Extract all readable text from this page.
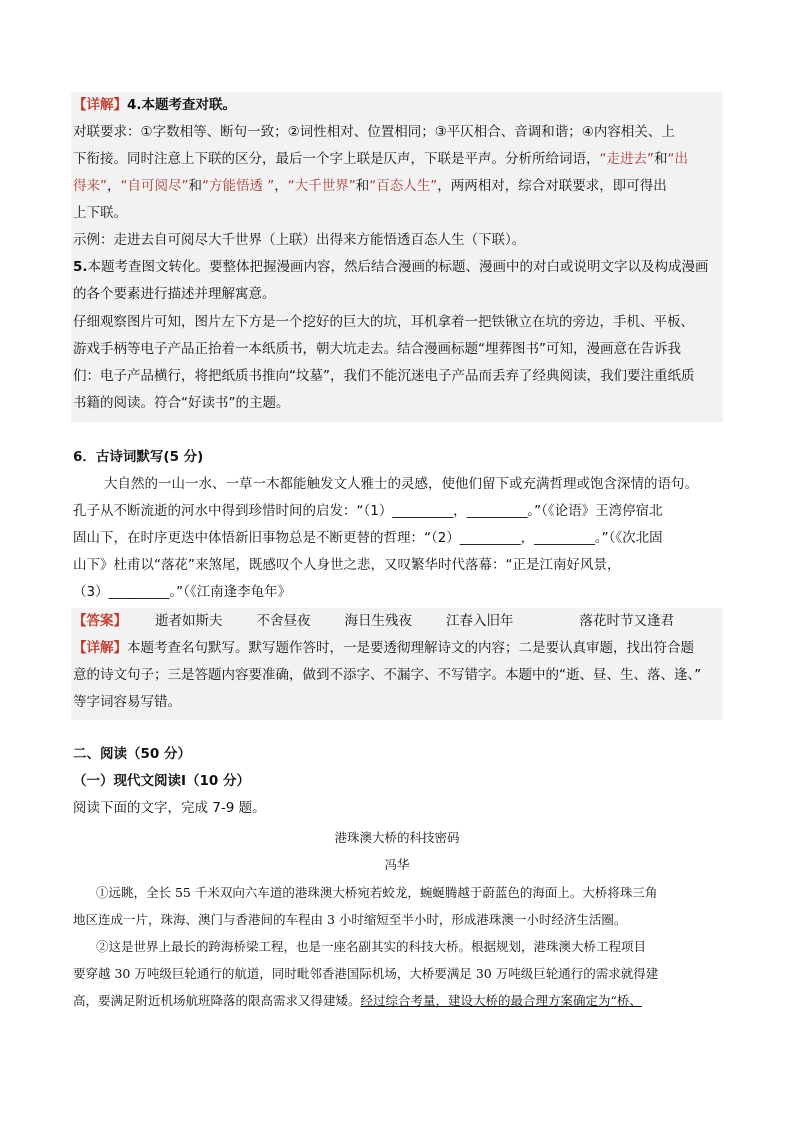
【详解】4.本题考查对联。
对联要求：①字数相等、断句一致；②词性相对、位置相同；③平仄相合、音调和谐；④内容相关、上
下衔接。同时注意上下联的区分，最后一个字上联是仄声，下联是平声。分析所给词语，“走进去”和“出
得来”，“自可阅尽”和“方能悟透 ”，“大千世界”和“百态人生”，两两相对，综合对联要求，即可得出
上下联。
示例：走进去自可阅尽大千世界（上联）出得来方能悟透百态人生（下联）。
5.本题考查图文转化。要整体把握漫画内容，然后结合漫画的标题、漫画中的对白或说明文字以及构成漫画
的各个要素进行描述并理解寓意。
仔细观察图片可知，图片左下方是一个挖好的巨大的坑，耳机拿着一把铁锹立在坑的旁边，手机、平板、
游戏手柄等电子产品正抬着一本纸质书，朝大坑走去。结合漫画标题“埋葬图书”可知，漫画意在告诉我
们：电子产品横行，将把纸质书推向“坟墓”，我们不能沉迷电子产品而丢弃了经典阅读，我们要注重纸质
书籍的阅读。符合“好读书”的主题。
6．古诗词默写(5 分)
大自然的一山一水、一草一木都能触发文人雅士的灵感，使他们留下或充满哲理或饱含深情的语句。
孔子从不断流逝的河水中得到珍惜时间的启发：“（1）_________，_________。”（《论语》王湾停宿北
固山下，在时序更迭中体悟新旧事物总是不断更替的哲理：“（2）_________，_________。”（《次北固
山下》杜甫以“落花”来煞尾，既感叹个人身世之悲，又叹繁华时代落幕：“正是江南好风景，
（3）_________。”（《江南逢李龟年》
【答案】 逝者如斯夫	不舍昼夜	海日生残夜	江春入旧年	落花时节又逢君
【详解】本题考查名句默写。默写题作答时，一是要透彻理解诗文的内容；二是要认真审题，找出符合题
意的诗文句子；三是答题内容要准确，做到不添字、不漏字、不写错字。本题中的“逝、昼、生、落、逢、”
等字词容易写错。
二、阅读（50 分）
（一）现代文阅读Ⅰ（10 分）
阅读下面的文字，完成 7-9 题。
港珠澳大桥的科技密码
冯华
①远眺，全长 55 千米双向六车道的港珠澳大桥宛若蛟龙，蜿蜒腾越于蔚蓝色的海面上。大桥将珠三角
地区连成一片，珠海、澳门与香港间的车程由 3 小时缩短至半小时，形成港珠澳一小时经济生活圈。
②这是世界上最长的跨海桥梁工程，也是一座名副其实的科技大桥。根据规划，港珠澳大桥工程项目
要穿越 30 万吨级巨轮通行的航道，同时毗邻香港国际机场，大桥要满足 30 万吨级巨轮通行的需求就得建
高，要满足附近机场航班降落的限高需求又得建矮。经过综合考量，建设大桥的最合理方案确定为“桥、
